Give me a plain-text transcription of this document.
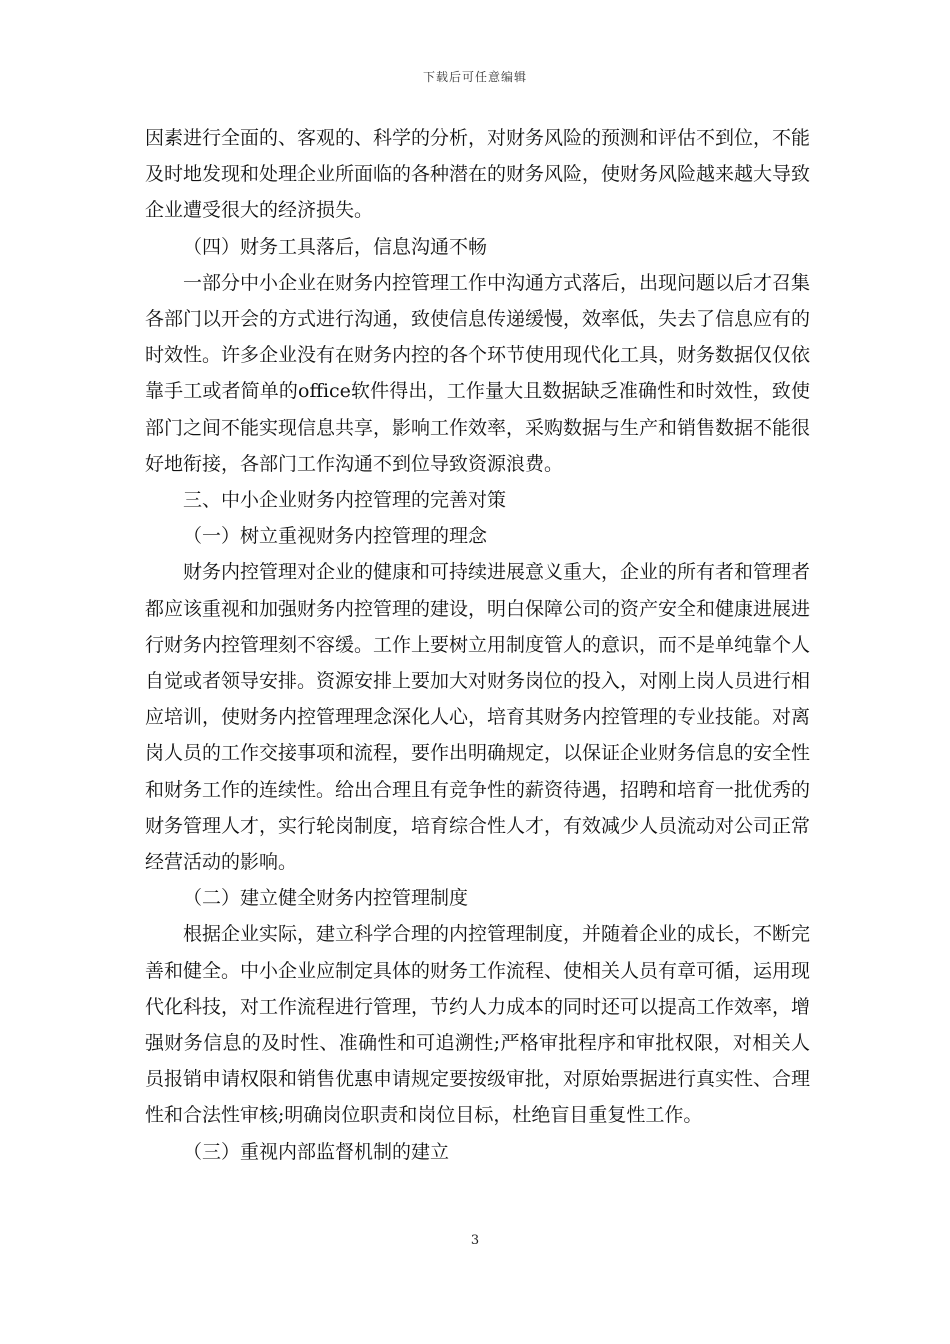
下载后可任意编辑

因素进行全面的、客观的、科学的分析，对财务风险的预测和评估不到位，不能及时地发现和处理企业所面临的各种潜在的财务风险，使财务风险越来越大导致企业遭受很大的经济损失。

（四）财务工具落后，信息沟通不畅

一部分中小企业在财务内控管理工作中沟通方式落后，出现问题以后才召集各部门以开会的方式进行沟通，致使信息传递缓慢，效率低，失去了信息应有的时效性。许多企业没有在财务内控的各个环节使用现代化工具，财务数据仅仅依靠手工或者简单的office软件得出，工作量大且数据缺乏准确性和时效性，致使部门之间不能实现信息共享，影响工作效率，采购数据与生产和销售数据不能很好地衔接，各部门工作沟通不到位导致资源浪费。

三、中小企业财务内控管理的完善对策

（一）树立重视财务内控管理的理念

财务内控管理对企业的健康和可持续进展意义重大，企业的所有者和管理者都应该重视和加强财务内控管理的建设，明白保障公司的资产安全和健康进展进行财务内控管理刻不容缓。工作上要树立用制度管人的意识，而不是单纯靠个人自觉或者领导安排。资源安排上要加大对财务岗位的投入，对刚上岗人员进行相应培训，使财务内控管理理念深化人心，培育其财务内控管理的专业技能。对离岗人员的工作交接事项和流程，要作出明确规定，以保证企业财务信息的安全性和财务工作的连续性。给出合理且有竞争性的薪资待遇，招聘和培育一批优秀的财务管理人才，实行轮岗制度，培育综合性人才，有效减少人员流动对公司正常经营活动的影响。

（二）建立健全财务内控管理制度

根据企业实际，建立科学合理的内控管理制度，并随着企业的成长，不断完善和健全。中小企业应制定具体的财务工作流程、使相关人员有章可循，运用现代化科技，对工作流程进行管理，节约人力成本的同时还可以提高工作效率，增强财务信息的及时性、准确性和可追溯性;严格审批程序和审批权限，对相关人员报销申请权限和销售优惠申请规定要按级审批，对原始票据进行真实性、合理性和合法性审核;明确岗位职责和岗位目标，杜绝盲目重复性工作。

（三）重视内部监督机制的建立

3
